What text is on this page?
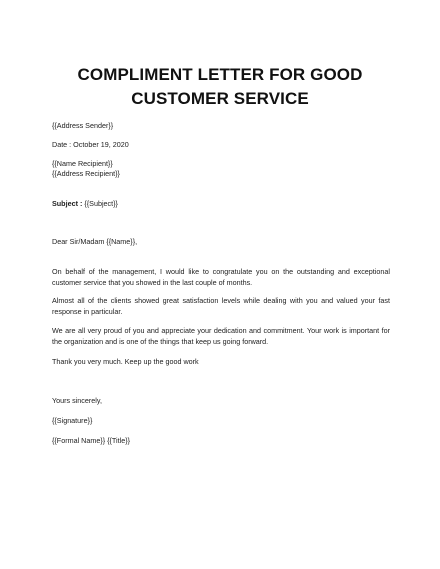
COMPLIMENT LETTER FOR GOOD
CUSTOMER SERVICE
{{Address Sender}}
Date : October 19, 2020
{{Name Recipient}}
{{Address Recipient}}
Subject : {{Subject}}
Dear Sir/Madam {{Name}},
On behalf of the management, I would like to congratulate you on the outstanding and exceptional customer service that you showed in the last couple of months.
Almost all of the clients showed great satisfaction levels while dealing with you and valued your fast response in particular.
We are all very proud of you and appreciate your dedication and commitment. Your work is important for the organization and is one of the things that keep us going forward.
Thank you very much. Keep up the good work
Yours sincerely,
{{Signature}}
{{Formal Name}} {{Title}}
